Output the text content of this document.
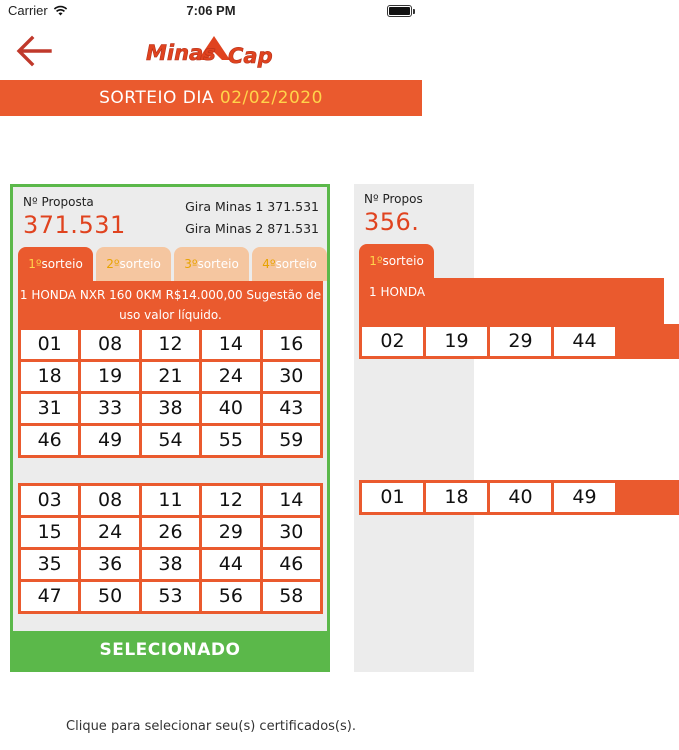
Carrier	7:06 PM
Minas Cap
SORTEIO DIA 02/02/2020
Nº Proposta
371.531
Gira Minas 1 371.531
Gira Minas 2 871.531
1ºsorteio	2ºsorteio	3ºsorteio	4ºsorteio
1 HONDA NXR 160 0KM R$14.000,00 Sugestão de uso valor líquido.
01	08	12	14	16
18	19	21	24	30
31	33	38	40	43
46	49	54	55	59
03	08	11	12	14
15	24	26	29	30
35	36	38	44	46
47	50	53	56	58
SELECIONADO
Nº Propos
356.
1ºsorteio
1 HONDA
02	19	29	44
01	18	40	49
Clique para selecionar seu(s) certificados(s).
